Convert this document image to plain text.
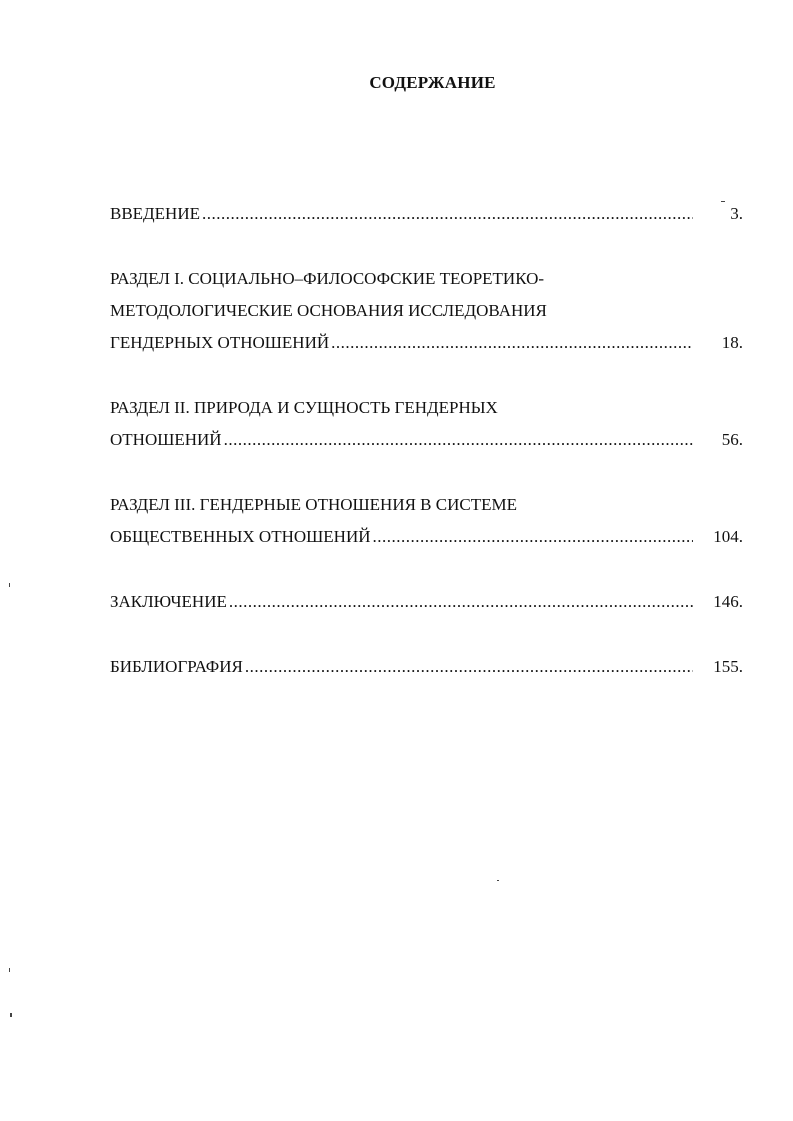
СОДЕРЖАНИЕ
ВВЕДЕНИЕ .....	3.
РАЗДЕЛ I. СОЦИАЛЬНО–ФИЛОСОФСКИЕ ТЕОРЕТИКО-
МЕТОДОЛОГИЧЕСКИЕ ОСНОВАНИЯ ИССЛЕДОВАНИЯ
ГЕНДЕРНЫХ ОТНОШЕНИЙ .....	18.
РАЗДЕЛ II. ПРИРОДА И СУЩНОСТЬ ГЕНДЕРНЫХ
ОТНОШЕНИЙ .....	56.
РАЗДЕЛ III. ГЕНДЕРНЫЕ ОТНОШЕНИЯ В СИСТЕМЕ
ОБЩЕСТВЕННЫХ ОТНОШЕНИЙ .....	104.
ЗАКЛЮЧЕНИЕ .....	146.
БИБЛИОГРАФИЯ .....	155.
